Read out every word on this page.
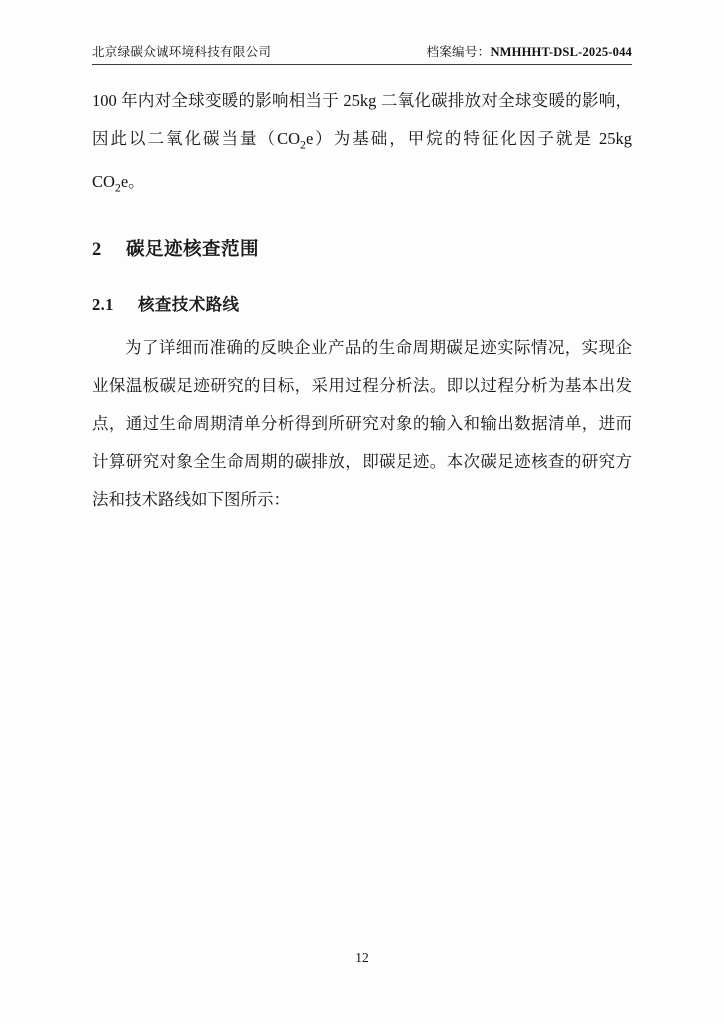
北京绿碳众诚环境科技有限公司	档案编号：NMHHHT-DSL-2025-044

100 年内对全球变暖的影响相当于 25kg 二氧化碳排放对全球变暖的影响，因此以二氧化碳当量$(CO_2e)$为基础，甲烷的特征化因子就是 25kg $CO_2e$。

2 碳足迹核查范围
2.1 核查技术路线

为了详细而准确的反映企业产品的生命周期碳足迹实际情况，实现企业保温板碳足迹研究的目标，采用过程分析法。即以过程分析为基本出发点，通过生命周期清单分析得到所研究对象的输入和输出数据清单，进而计算研究对象全生命周期的碳排放，即碳足迹。本次碳足迹核查的研究方法和技术路线如下图所示：

12
